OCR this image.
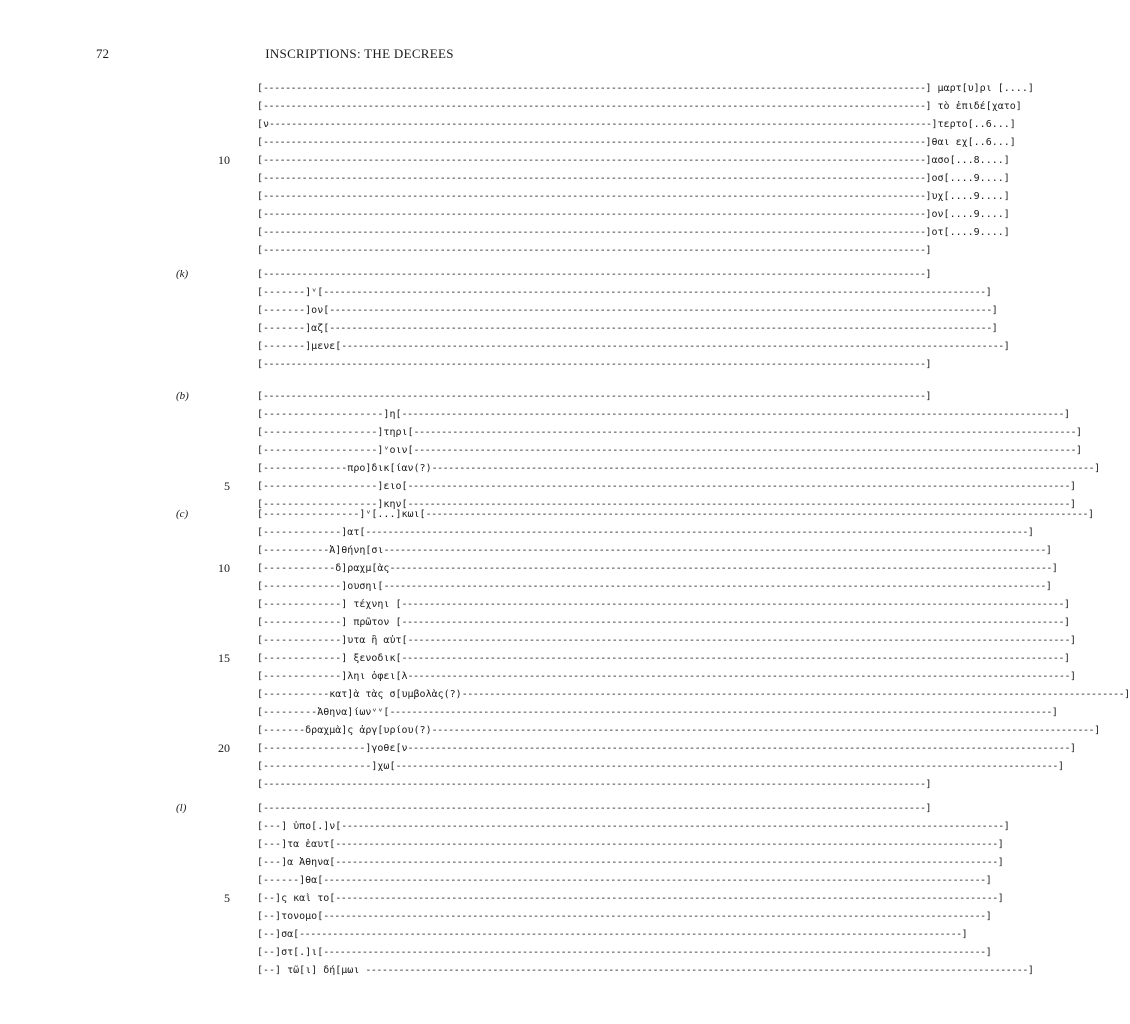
72	INSCRIPTIONS: THE DECREES
[ ------------------------------------------------------------------------------------------------------------------------ ] μαρτ[υ]ρι [....]
[ ------------------------------------------------------------------------------------------------------------------------ ] τὸ ἐπιδέ[χατο]
[ν ------------------------------------------------------------------------------------------------------------------------ ]τερτο[..6...]
[ ------------------------------------------------------------------------------------------------------------------------ ]θαι εχ[..6...]
10	[ ------------------------------------------------------------------------------------------------------------------------ ]ασο[...8....]
[ ------------------------------------------------------------------------------------------------------------------------ ]οσ[....9....]
[ ------------------------------------------------------------------------------------------------------------------------ ]υχ[....9....]
[ ------------------------------------------------------------------------------------------------------------------------ ]ον[....9....]
[ ------------------------------------------------------------------------------------------------------------------------ ]οτ[....9....]
[ ------------------------------------------------------------------------------------------------------------------------ ]
(k)	[ ------------------------------------------------------------------------------------------------------------------------ ]
[-------]ᵛ[ ------------------------------------------------------------------------------------------------------------------------ ]
[-------]ον[ ------------------------------------------------------------------------------------------------------------------------ ]
[-------]αζ[ ------------------------------------------------------------------------------------------------------------------------ ]
[-------]μενε[ ------------------------------------------------------------------------------------------------------------------------ ]
[ ------------------------------------------------------------------------------------------------------------------------ ]
(b)	[ ------------------------------------------------------------------------------------------------------------------------ ]
[--------------------]η[ ------------------------------------------------------------------------------------------------------------------------ ]
[-------------------]τηρι[ ------------------------------------------------------------------------------------------------------------------------ ]
[-------------------]ᵛοιν[ ------------------------------------------------------------------------------------------------------------------------ ]
[--------------προ]δικ[ίαν(?) ------------------------------------------------------------------------------------------------------------------------ ]
5	[-------------------]ειο[ ------------------------------------------------------------------------------------------------------------------------ ]
[-------------------]κην[ ------------------------------------------------------------------------------------------------------------------------ ]
(c)	[----------------]ᵛ[...]κωι[ ------------------------------------------------------------------------------------------------------------------------ ]
[-------------]ατ[ ------------------------------------------------------------------------------------------------------------------------ ]
[-----------Ἀ]θήνη[σι ------------------------------------------------------------------------------------------------------------------------ ]
10	[------------δ]ραχμ[ὰς ------------------------------------------------------------------------------------------------------------------------ ]
[-------------]ουσηι[ ------------------------------------------------------------------------------------------------------------------------ ]
[-------------] τέχνηι [ ------------------------------------------------------------------------------------------------------------------------ ]
[-------------] πρῶτον [ ------------------------------------------------------------------------------------------------------------------------ ]
[-------------]υτα ἢ αὐτ[ ------------------------------------------------------------------------------------------------------------------------ ]
15	[-------------] ξενοδικ[ ------------------------------------------------------------------------------------------------------------------------ ]
[-------------]ληι ὀφει[λ ------------------------------------------------------------------------------------------------------------------------ ]
[-----------κατ]ὰ τὰς σ[υμβολὰς(?) ------------------------------------------------------------------------------------------------------------------------ ]
[---------Ἀθηνα]ίωνᵛᵛ[ ------------------------------------------------------------------------------------------------------------------------ ]
[-------δραχμὰ]ς ἀργ[υρίου(?) ------------------------------------------------------------------------------------------------------------------------ ]
20	[-----------------]γοθε[ν ------------------------------------------------------------------------------------------------------------------------ ]
[------------------]χω[ ------------------------------------------------------------------------------------------------------------------------ ]
[ ------------------------------------------------------------------------------------------------------------------------ ]
(l)	[ ------------------------------------------------------------------------------------------------------------------------ ]
[---] ὑπο[.]ν[ ------------------------------------------------------------------------------------------------------------------------ ]
[---]τα ἑαυτ[ ------------------------------------------------------------------------------------------------------------------------ ]
[---]α Ἀθηνα[ ------------------------------------------------------------------------------------------------------------------------ ]
[------]θα[ ------------------------------------------------------------------------------------------------------------------------ ]
5	[--]ς καὶ το[ ------------------------------------------------------------------------------------------------------------------------ ]
[--]τονομο[ ------------------------------------------------------------------------------------------------------------------------ ]
[--]σα[ ------------------------------------------------------------------------------------------------------------------------ ]
[--]στ[.]ι[ ------------------------------------------------------------------------------------------------------------------------ ]
[--] τῶ[ι] δή[μωι ------------------------------------------------------------------------------------------------------------------------ ]
